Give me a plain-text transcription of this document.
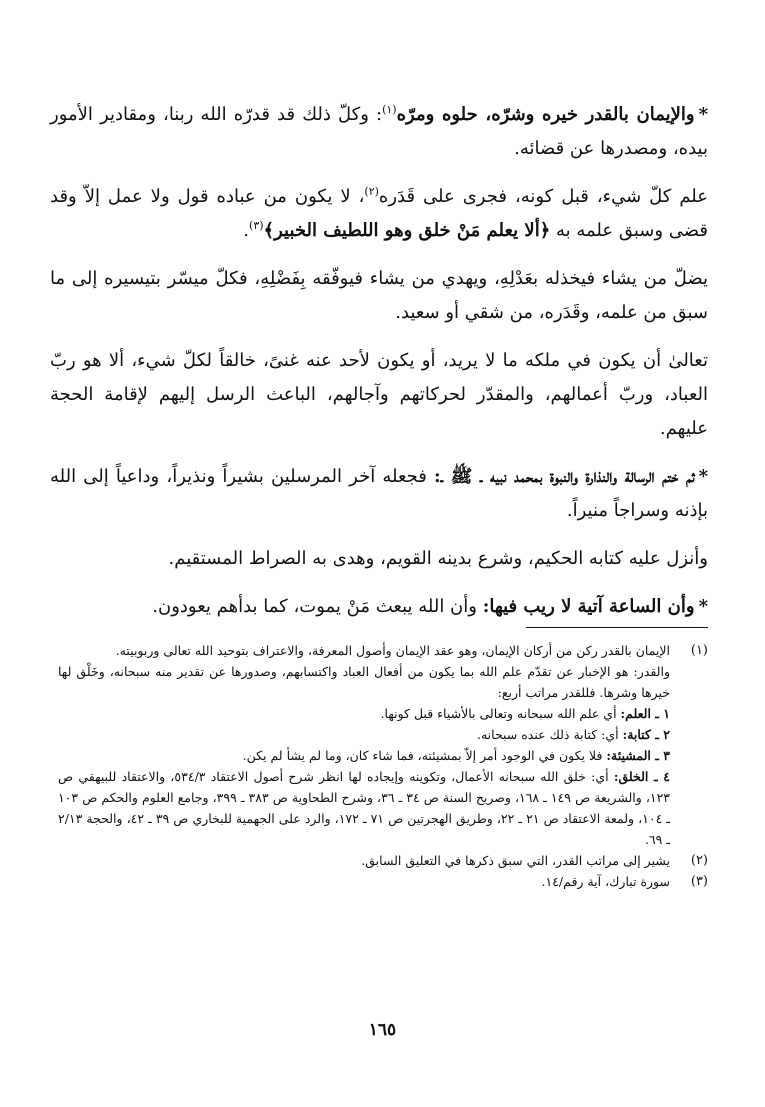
*والإيمان بالقدر خيره وشرّه، حلوه ومرّه$^{(١)}$: وكلّ ذلك قد قدرّه الله ربنا، ومقادير الأمور بيده، ومصدرها عن قضائه.

علم كلّ شيء، قبل كونه، فجرى على قَدَره$^{(٢)}$، لا يكون من عباده قول ولا عمل إلاّ وقد قضى وسبق علمه به ﴿ألا يعلم مَنْ خلق وهو اللطيف الخبير﴾$^{(٣)}$.

يضلّ من يشاء فيخذله بعَدْلِهِ، ويهدي من يشاء فيوفّقه بِفَضْلِهِ، فكلّ ميسّر بتيسيره إلى ما سبق من علمه، وقَدَره، من شقي أو سعيد.

تعالىٰ أن يكون في ملكه ما لا يريد، أو يكون لأحد عنه غنىً، خالقاً لكلّ شيء، ألا هو ربّ العباد، وربّ أعمالهم، والمقدّر لحركاتهم وآجالهم، الباعث الرسل إليهم لإقامة الحجة عليهم.

*ثم ختم الرسالة والنذارة والنبوة بمحمد نبيه ـ ﷺ ـ: فجعله آخر المرسلين بشيراً ونذيراً، وداعياً إلى الله بإذنه وسراجاً منيراً.

وأنزل عليه كتابه الحكيم، وشرع بدينه القويم، وهدى به الصراط المستقيم.

*وأن الساعة آتية لا ريب فيها: وأن الله يبعث مَنْ يموت، كما بدأهم يعودون.

(١)

الإيمان بالقدر ركن من أركان الإيمان، وهو عقد الإيمان وأصول المعرفة، والاعتراف بتوحيد الله تعالى وربوبيته.

والقدر: هو الإخبار عن تقدّم علم الله بما يكون من أفعال العباد واكتسابهم، وصدورها عن تقدير منه سبحانه، وخَلْق لها خيرها وشرها. فللقدر مراتب أربع:

١ ـ العلم: أي علم الله سبحانه وتعالى بالأشياء قبل كونها.

٢ ـ كتابة: أي: كتابة ذلك عنده سبحانه.

٣ ـ المشيئة: فلا يكون في الوجود أمر إلاّ بمشيئته، فما شاء كان، وما لم يشأ لم يكن.

٤ ـ الخلق: أي: خلق الله سبحانه الأعمال، وتكوينه وإيجاده لها انظر شرح أصول الاعتقاد ٥٣٤/٣، والاعتقاد للبيهقي ص ١٢٣، والشريعة ص ١٤٩ ـ ١٦٨، وصريح السنة ص ٣٤ ـ ٣٦، وشرح الطحاوية ص ٣٨٣ ـ ٣٩٩، وجامع العلوم والحكم ص ١٠٣ ـ ١٠٤، ولمعة الاعتقاد ص ٢١ ـ ٢٢، وطريق الهجرتين ص ٧١ ـ ١٧٢، والرد على الجهمية للبخاري ص ٣٩ ـ ٤٢، والحجة ٢/١٣ ـ ٦٩.

(٢)

يشير إلى مراتب القدر، التي سبق ذكرها في التعليق السابق.

(٣)

سورة تبارك، آية رقم/١٤.

١٦٥
